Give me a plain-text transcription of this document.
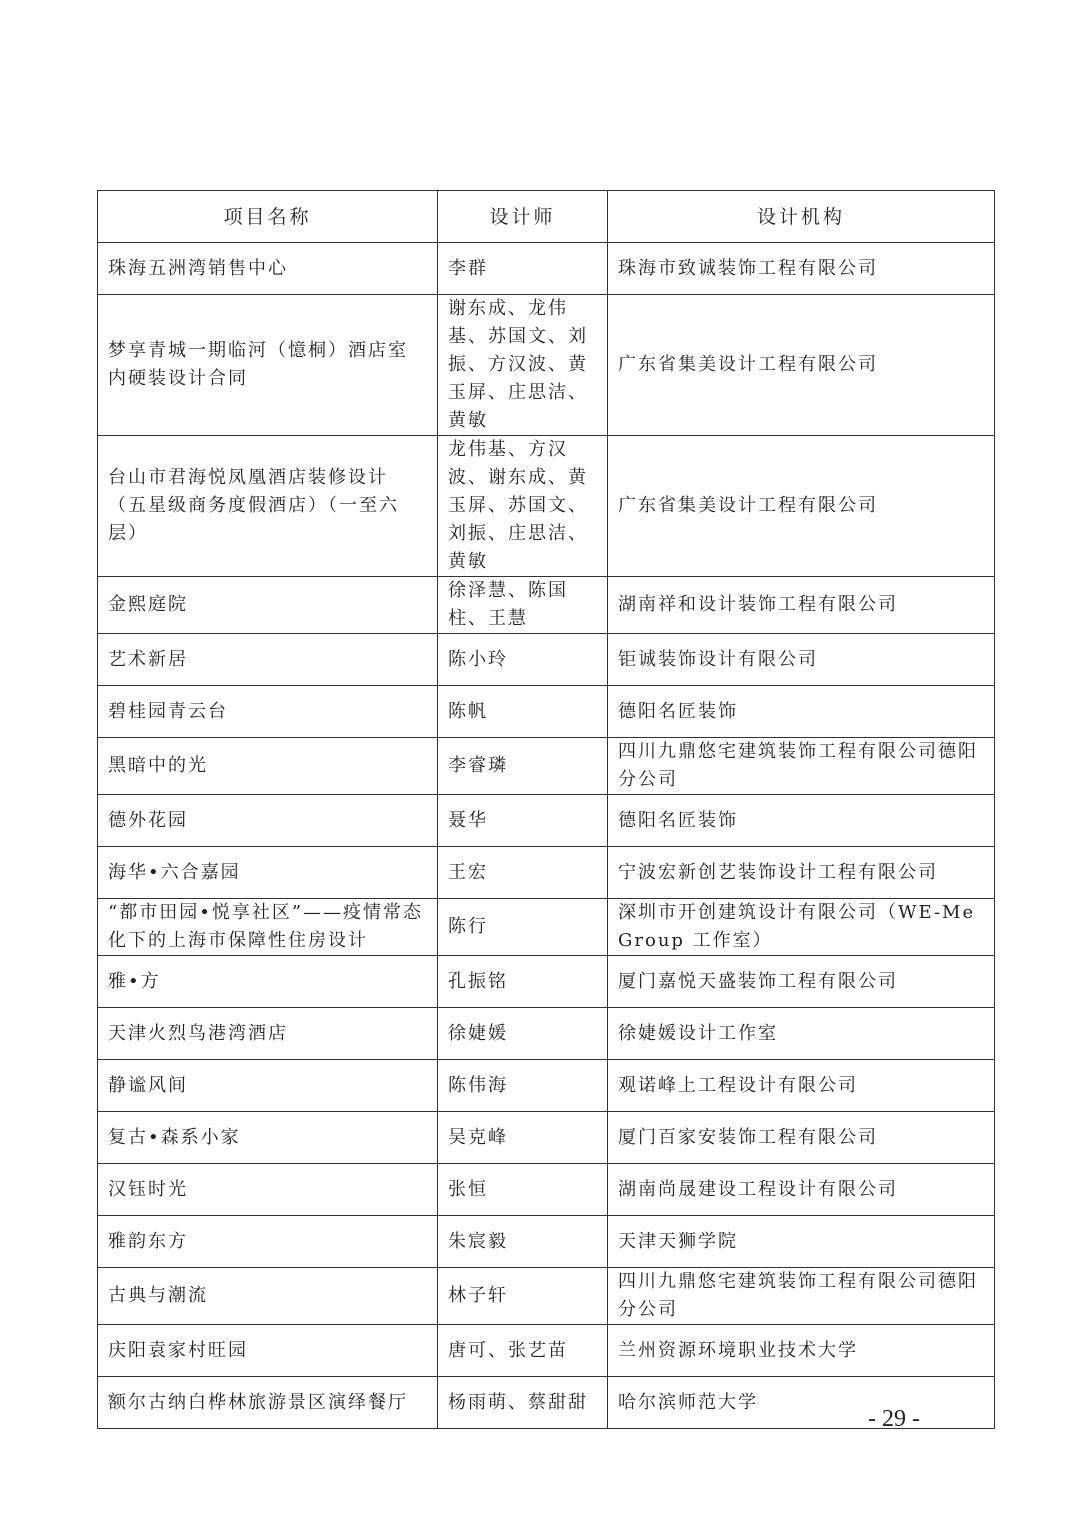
项目名称	设计师	设计机构
珠海五洲湾销售中心	李群	珠海市致诚装饰工程有限公司
梦享青城一期临河（憶桐）酒店室内硬装设计合同	谢东成、龙伟基、苏国文、刘振、方汉波、黄玉屏、庄思洁、黄敏	广东省集美设计工程有限公司
台山市君海悦凤凰酒店装修设计（五星级商务度假酒店）（一至六层）	龙伟基、方汉波、谢东成、黄玉屏、苏国文、刘振、庄思洁、黄敏	广东省集美设计工程有限公司
金熙庭院	徐泽慧、陈国柱、王慧	湖南祥和设计装饰工程有限公司
艺术新居	陈小玲	钜诚装饰设计有限公司
碧桂园青云台	陈帆	德阳名匠装饰
黑暗中的光	李睿璘	四川九鼎悠宅建筑装饰工程有限公司德阳分公司
德外花园	聂华	德阳名匠装饰
海华•六合嘉园	王宏	宁波宏新创艺装饰设计工程有限公司
“都市田园•悦享社区”——疫情常态化下的上海市保障性住房设计	陈行	深圳市开创建筑设计有限公司（WE-Me Group 工作室）
雅•方	孔振铭	厦门嘉悦天盛装饰工程有限公司
天津火烈鸟港湾酒店	徐婕媛	徐婕媛设计工作室
静谧风间	陈伟海	观诺峰上工程设计有限公司
复古•森系小家	吴克峰	厦门百家安装饰工程有限公司
汉钰时光	张恒	湖南尚晟建设工程设计有限公司
雅韵东方	朱宸毅	天津天狮学院
古典与潮流	林子轩	四川九鼎悠宅建筑装饰工程有限公司德阳分公司
庆阳袁家村旺园	唐可、张艺苗	兰州资源环境职业技术大学
额尔古纳白桦林旅游景区演绎餐厅	杨雨萌、蔡甜甜	哈尔滨师范大学
- 29 -
